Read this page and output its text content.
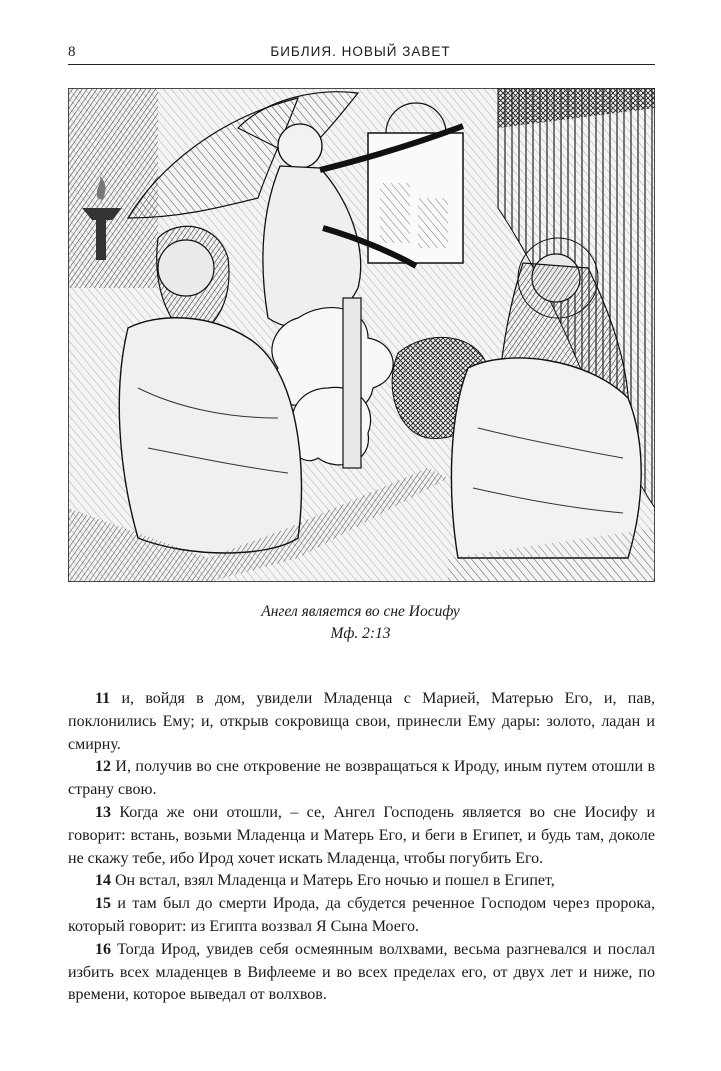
8	БИБЛИЯ. НОВЫЙ ЗАВЕТ
Ангел является во сне Иосифу
Мф. 2:13

11 и, войдя в дом, увидели Младенца с Марией, Матерью Его, и, пав, поклонились Ему; и, открыв сокровища свои, принесли Ему дары: золото, ладан и смирну.

12 И, получив во сне откровение не возвращаться к Ироду, иным путем отошли в страну свою.

13 Когда же они отошли, – се, Ангел Господень является во сне Иосифу и говорит: встань, возьми Младенца и Матерь Его, и беги в Египет, и будь там, доколе не скажу тебе, ибо Ирод хочет искать Младенца, чтобы погубить Его.

14 Он встал, взял Младенца и Матерь Его ночью и пошел в Египет,

15 и там был до смерти Ирода, да сбудется реченное Господом через пророка, который говорит: из Египта воззвал Я Сына Моего.

16 Тогда Ирод, увидев себя осмеянным волхвами, весьма разгневался и послал избить всех младенцев в Вифлееме и во всех пределах его, от двух лет и ниже, по времени, которое выведал от волхвов.
